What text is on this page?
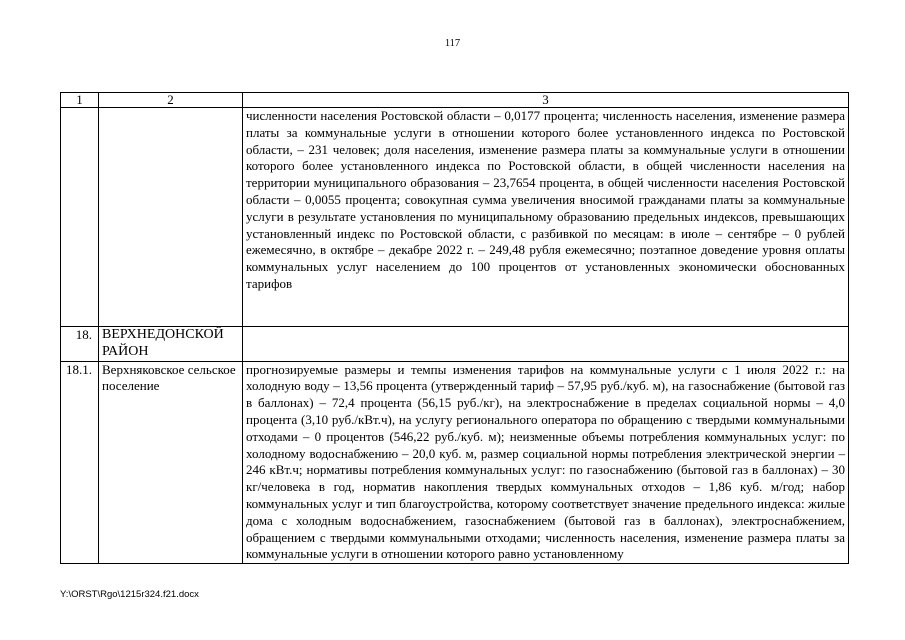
117
1	2	3
		численности населения Ростовской области – 0,0177 процента; численность населения, изменение размера платы за коммунальные услуги в отношении которого более установленного индекса по Ростовской области, – 231 человек; доля населения, изменение размера платы за коммунальные услуги в отношении которого более установленного индекса по Ростовской области, в общей численности населения на территории муниципального образования – 23,7654 процента, в общей численности населения Ростовской области – 0,0055 процента; совокупная сумма увеличения вносимой гражданами платы за коммунальные услуги в результате установления по муниципальному образованию предельных индексов, превышающих установленный индекс по Ростовской области, с разбивкой по месяцам: в июле – сентябре – 0 рублей ежемесячно, в октябре – декабре 2022 г. – 249,48 рубля ежемесячно; поэтапное доведение уровня оплаты коммунальных услуг населением до 100 процентов от установленных экономически обоснованных тарифов
18.	ВЕРХНЕДОНСКОЙ РАЙОН	
18.1.	Верхняковское сельское поселение	прогнозируемые размеры и темпы изменения тарифов на коммунальные услуги с 1 июля 2022 г.: на холодную воду – 13,56 процента (утвержденный тариф – 57,95 руб./куб. м), на газоснабжение (бытовой газ в баллонах) – 72,4 процента (56,15 руб./кг), на электроснабжение в пределах социальной нормы – 4,0 процента (3,10 руб./кВт.ч), на услугу регионального оператора по обращению с твердыми коммунальными отходами – 0 процентов (546,22 руб./куб. м); неизменные объемы потребления коммунальных услуг: по холодному водоснабжению – 20,0 куб. м, размер социальной нормы потребления электрической энергии – 246 кВт.ч; нормативы потребления коммунальных услуг: по газоснабжению (бытовой газ в баллонах) – 30 кг/человека в год, норматив накопления твердых коммунальных отходов – 1,86 куб. м/год; набор коммунальных услуг и тип благоустройства, которому соответствует значение предельного индекса: жилые дома с холодным водоснабжением, газоснабжением (бытовой газ в баллонах), электроснабжением, обращением с твердыми коммунальными отходами; численность населения, изменение размера платы за коммунальные услуги в отношении которого равно установленному
Y:\ORST\Rgo\1215r324.f21.docx
